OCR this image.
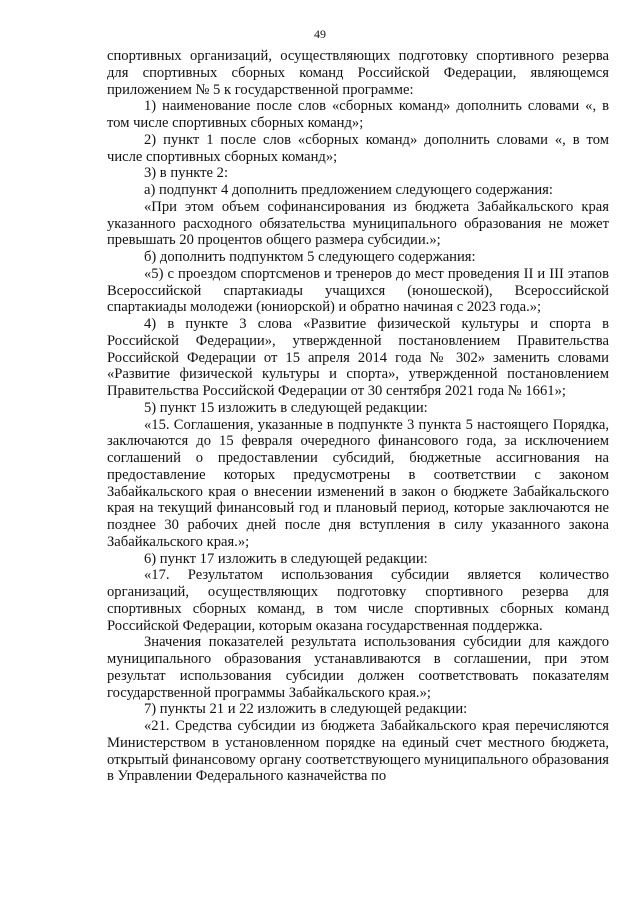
49

спортивных организаций, осуществляющих подготовку спортивного резерва для спортивных сборных команд Российской Федерации, являющемся приложением № 5 к государственной программе:

1) наименование после слов «сборных команд» дополнить словами «, в том числе спортивных сборных команд»;

2) пункт 1 после слов «сборных команд» дополнить словами «, в том числе спортивных сборных команд»;

3) в пункте 2:

а) подпункт 4 дополнить предложением следующего содержания:

«При этом объем софинансирования из бюджета Забайкальского края указанного расходного обязательства муниципального образования не может превышать 20 процентов общего размера субсидии.»;

б) дополнить подпунктом 5 следующего содержания:

«5) с проездом спортсменов и тренеров до мест проведения II и III этапов Всероссийской спартакиады учащихся (юношеской), Всероссийской спартакиады молодежи (юниорской) и обратно начиная с 2023 года.»;

4) в пункте 3 слова «Развитие физической культуры и спорта в Российской Федерации», утвержденной постановлением Правительства Российской Федерации от 15 апреля 2014 года № 302» заменить словами «Развитие физической культуры и спорта», утвержденной постановлением Правительства Российской Федерации от 30 сентября 2021 года № 1661»;

5) пункт 15 изложить в следующей редакции:

«15. Соглашения, указанные в подпункте 3 пункта 5 настоящего Порядка, заключаются до 15 февраля очередного финансового года, за исключением соглашений о предоставлении субсидий, бюджетные ассигнования на предоставление которых предусмотрены в соответствии с законом Забайкальского края о внесении изменений в закон о бюджете Забайкальского края на текущий финансовый год и плановый период, которые заключаются не позднее 30 рабочих дней после дня вступления в силу указанного закона Забайкальского края.»;

6) пункт 17 изложить в следующей редакции:

«17. Результатом использования субсидии является количество организаций, осуществляющих подготовку спортивного резерва для спортивных сборных команд, в том числе спортивных сборных команд Российской Федерации, которым оказана государственная поддержка.

Значения показателей результата использования субсидии для каждого муниципального образования устанавливаются в соглашении, при этом результат использования субсидии должен соответствовать показателям государственной программы Забайкальского края.»;

7) пункты 21 и 22 изложить в следующей редакции:

«21. Средства субсидии из бюджета Забайкальского края перечисляются Министерством в установленном порядке на единый счет местного бюджета, открытый финансовому органу соответствующего муниципального образования в Управлении Федерального казначейства по
